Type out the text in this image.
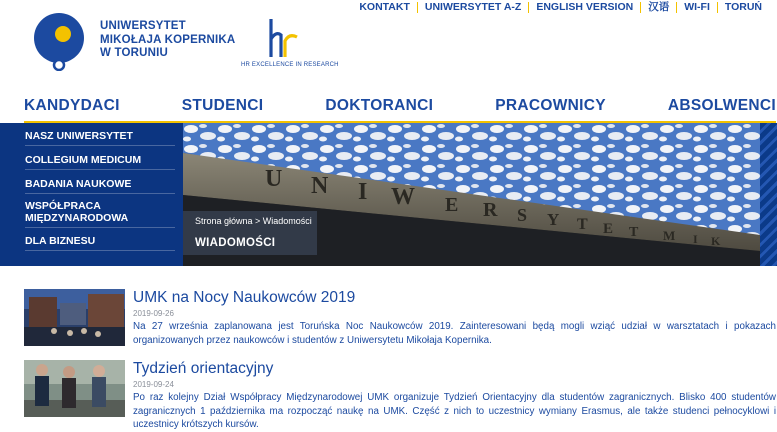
KONTAKT	UNIWERSYTET A-Z	ENGLISH VERSION	汉语	WI-FI	TORUŃ
UNIWERSYTET
MIKOŁAJA KOPERNIKA
W TORUNIU
HR EXCELLENCE IN RESEARCH
KANDYDACI	STUDENCI	DOKTORANCI	PRACOWNICY	ABSOLWENCI
NASZ UNIWERSYTET
COLLEGIUM MEDICUM
BADANIA NAUKOWE
WSPÓŁPRACA MIĘDZYNARODOWA
DLA BIZNESU
U N I W E R S Y T E T M I K
Strona główna > Wiadomości
WIADOMOŚCI
UMK na Nocy Naukowców 2019
2019-09-26
Na 27 września zaplanowana jest Toruńska Noc Naukowców 2019. Zainteresowani będą mogli wziąć udział w warsztatach i pokazach organizowanych przez naukowców i studentów z Uniwersytetu Mikołaja Kopernika.
Tydzień orientacyjny
2019-09-24
Po raz kolejny Dział Współpracy Międzynarodowej UMK organizuje Tydzień Orientacyjny dla studentów zagranicznych. Blisko 400 studentów zagranicznych 1 października ma rozpocząć naukę na UMK. Część z nich to uczestnicy wymiany Erasmus, ale także studenci pełnocyklowi i uczestnicy krótszych kursów.
